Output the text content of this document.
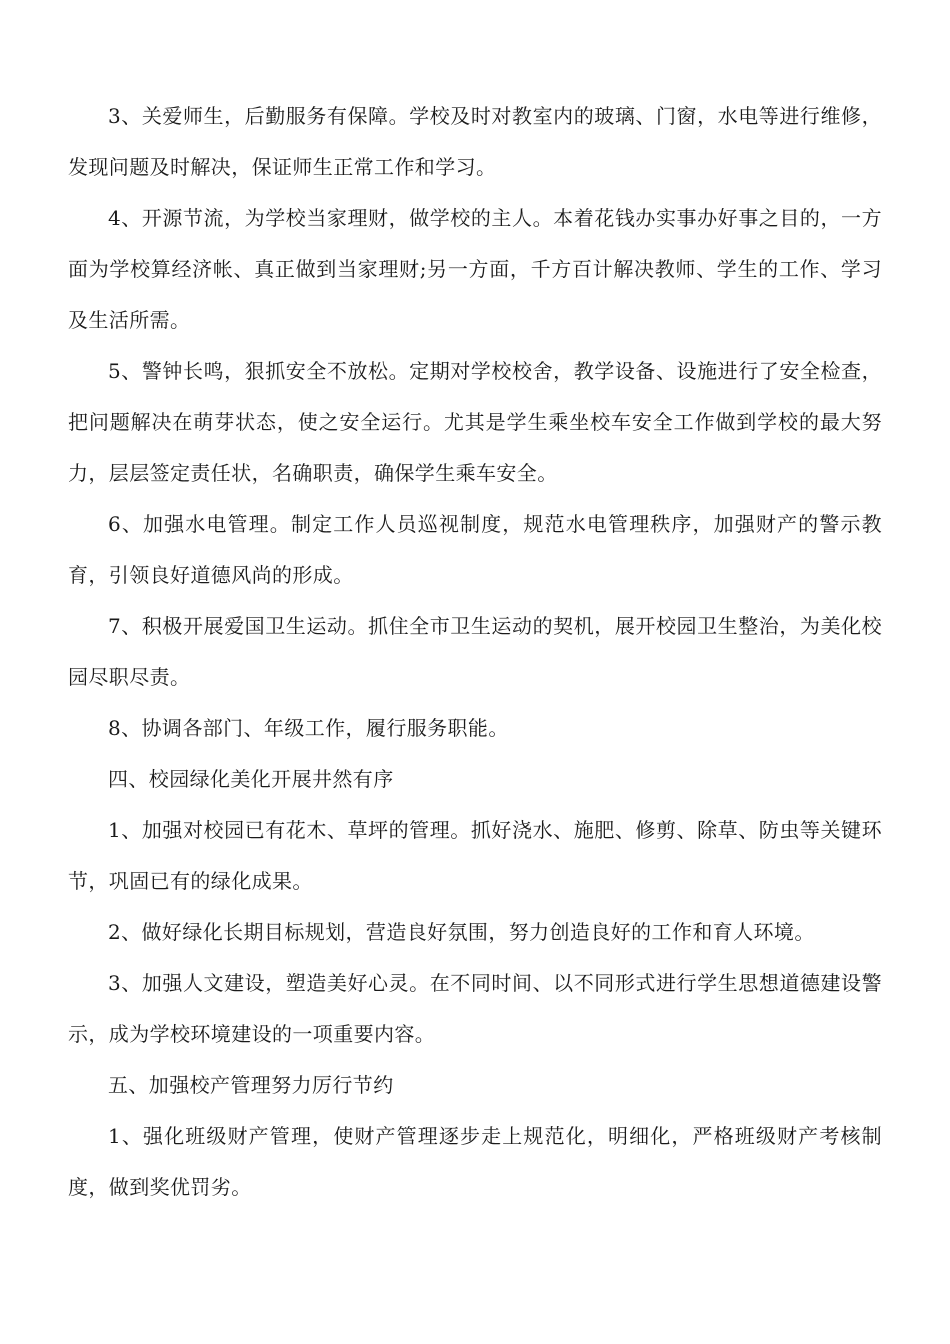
3、关爱师生，后勤服务有保障。学校及时对教室内的玻璃、门窗，水电等进行维修，发现问题及时解决，保证师生正常工作和学习。

4、开源节流，为学校当家理财，做学校的主人。本着花钱办实事办好事之目的，一方面为学校算经济帐、真正做到当家理财;另一方面，千方百计解决教师、学生的工作、学习及生活所需。

5、警钟长鸣，狠抓安全不放松。定期对学校校舍，教学设备、设施进行了安全检查，把问题解决在萌芽状态，使之安全运行。尤其是学生乘坐校车安全工作做到学校的最大努力，层层签定责任状，名确职责，确保学生乘车安全。

6、加强水电管理。制定工作人员巡视制度，规范水电管理秩序，加强财产的警示教育，引领良好道德风尚的形成。

7、积极开展爱国卫生运动。抓住全市卫生运动的契机，展开校园卫生整治，为美化校园尽职尽责。

8、协调各部门、年级工作，履行服务职能。

四、校园绿化美化开展井然有序

1、加强对校园已有花木、草坪的管理。抓好浇水、施肥、修剪、除草、防虫等关键环节，巩固已有的绿化成果。

2、做好绿化长期目标规划，营造良好氛围，努力创造良好的工作和育人环境。

3、加强人文建设，塑造美好心灵。在不同时间、以不同形式进行学生思想道德建设警示，成为学校环境建设的一项重要内容。

五、加强校产管理努力厉行节约

1、强化班级财产管理，使财产管理逐步走上规范化，明细化，严格班级财产考核制度，做到奖优罚劣。
